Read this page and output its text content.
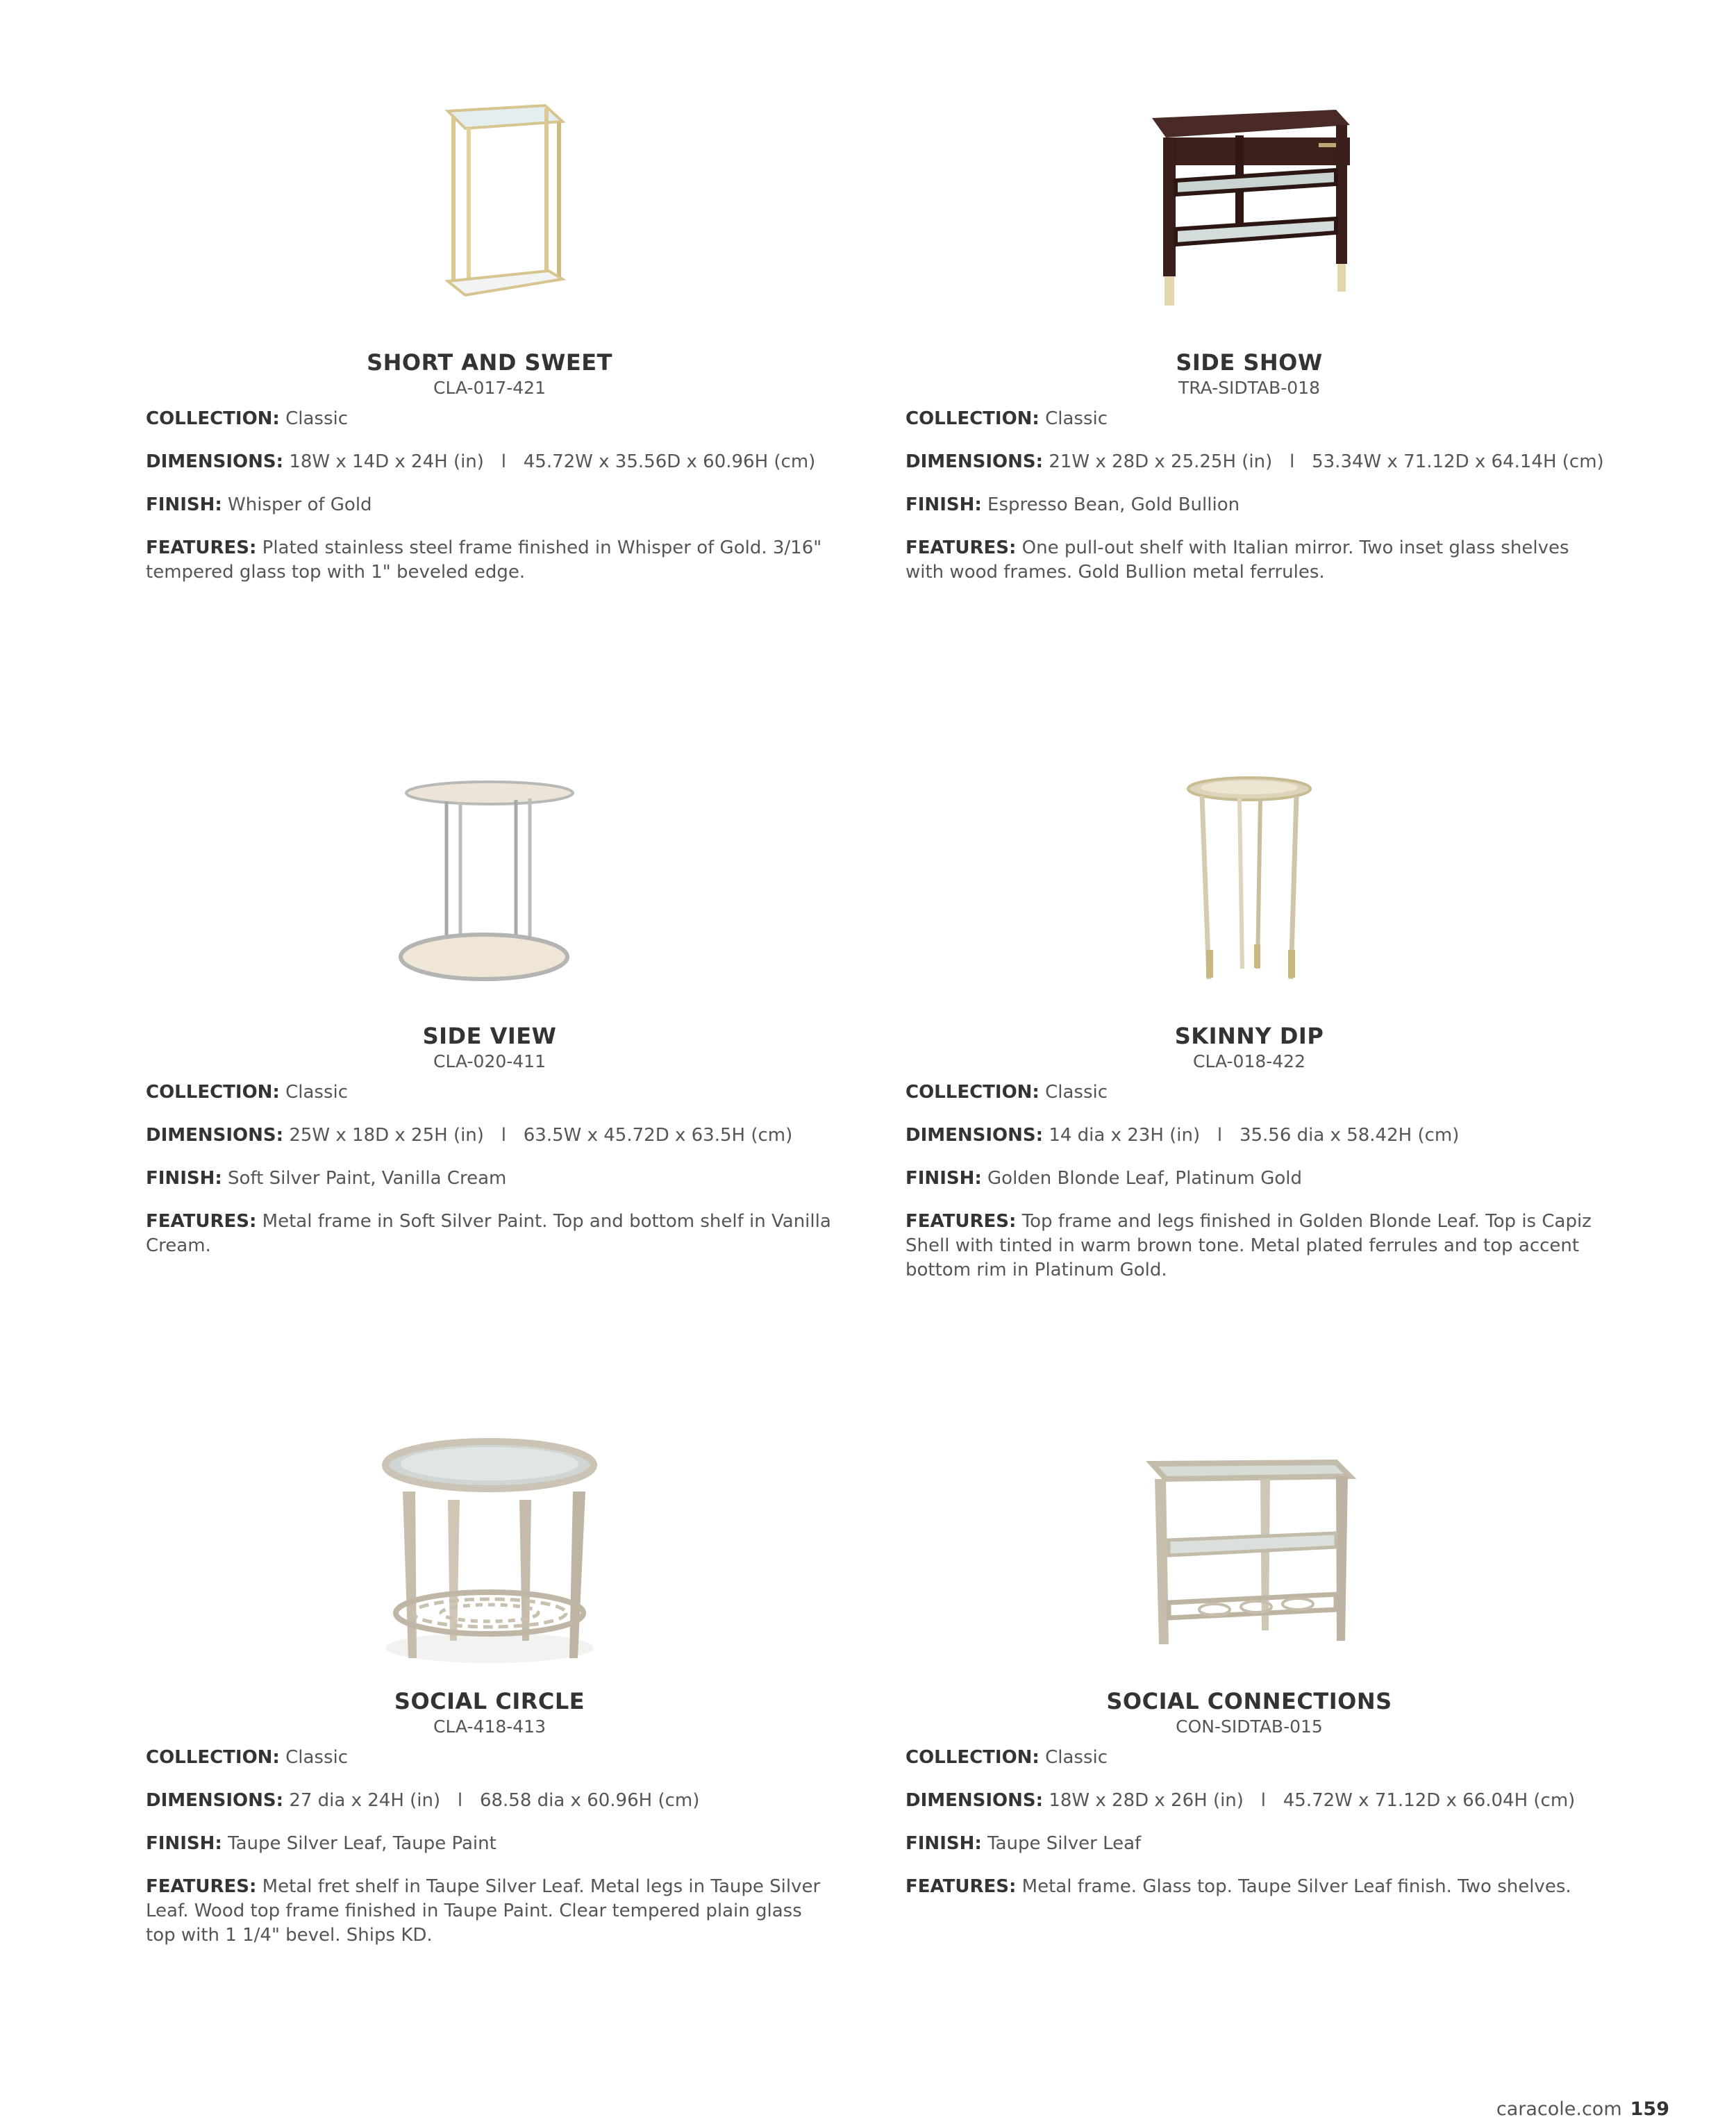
SHORT AND SWEET
CLA-017-421
COLLECTION: Classic
DIMENSIONS: 18W x 14D x 24H (in)   l   45.72W x 35.56D x 60.96H (cm)
FINISH: Whisper of Gold
FEATURES: Plated stainless steel frame finished in Whisper of Gold. 3/16" tempered glass top with 1" beveled edge.
SIDE SHOW
TRA-SIDTAB-018
COLLECTION: Classic
DIMENSIONS: 21W x 28D x 25.25H (in)   l   53.34W x 71.12D x 64.14H (cm)
FINISH: Espresso Bean, Gold Bullion
FEATURES: One pull-out shelf with Italian mirror. Two inset glass shelves with wood frames. Gold Bullion metal ferrules.
SIDE VIEW
CLA-020-411
COLLECTION: Classic
DIMENSIONS: 25W x 18D x 25H (in)   l   63.5W x 45.72D x 63.5H (cm)
FINISH: Soft Silver Paint, Vanilla Cream
FEATURES: Metal frame in Soft Silver Paint. Top and bottom shelf in Vanilla Cream.
SKINNY DIP
CLA-018-422
COLLECTION: Classic
DIMENSIONS: 14 dia x 23H (in)   l   35.56 dia x 58.42H (cm)
FINISH: Golden Blonde Leaf, Platinum Gold
FEATURES: Top frame and legs finished in Golden Blonde Leaf. Top is Capiz Shell with tinted in warm brown tone. Metal plated ferrules and top accent bottom rim in Platinum Gold.
SOCIAL CIRCLE
CLA-418-413
COLLECTION: Classic
DIMENSIONS: 27 dia x 24H (in)   l   68.58 dia x 60.96H (cm)
FINISH: Taupe Silver Leaf, Taupe Paint
FEATURES: Metal fret shelf in Taupe Silver Leaf. Metal legs in Taupe Silver Leaf. Wood top frame finished in Taupe Paint. Clear tempered plain glass top with 1 1/4" bevel. Ships KD.
SOCIAL CONNECTIONS
CON-SIDTAB-015
COLLECTION: Classic
DIMENSIONS: 18W x 28D x 26H (in)   l   45.72W x 71.12D x 66.04H (cm)
FINISH: Taupe Silver Leaf
FEATURES: Metal frame. Glass top. Taupe Silver Leaf finish. Two shelves.
caracole.com 159
